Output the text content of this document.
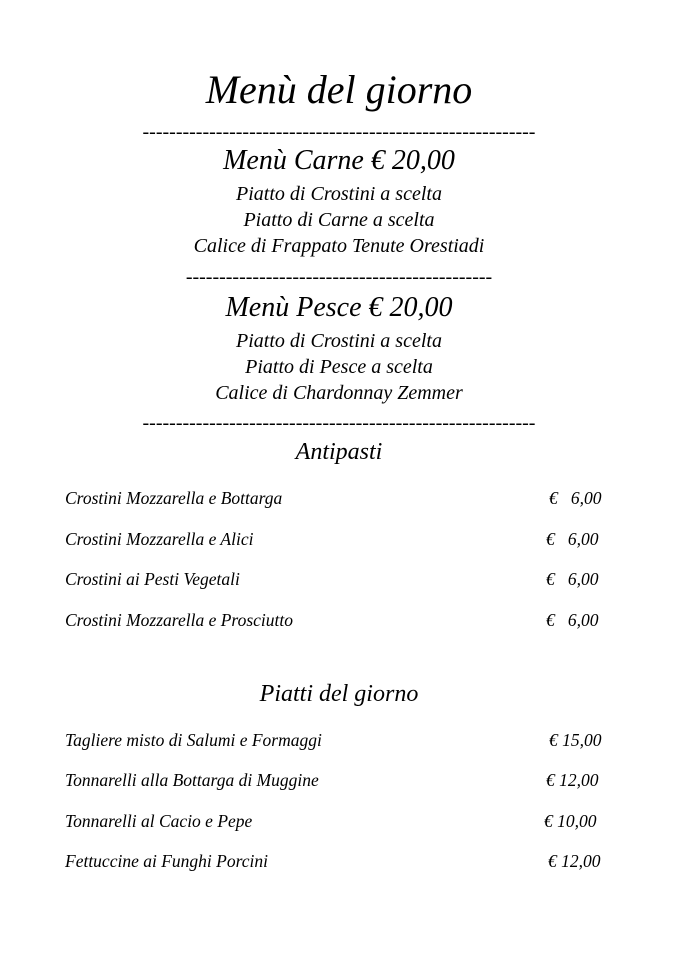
Menù del giorno
-----------------------------------------------------------
Menù Carne € 20,00
Piatto di Crostini a scelta
Piatto di Carne a scelta
Calice di Frappato Tenute Orestiadi
----------------------------------------------
Menù Pesce € 20,00
Piatto di Crostini a scelta
Piatto di Pesce a scelta
Calice di Chardonnay Zemmer
-----------------------------------------------------------
Antipasti
Crostini Mozzarella e Bottarga	€   6,00
Crostini Mozzarella e Alici	€   6,00
Crostini ai Pesti Vegetali	€   6,00
Crostini Mozzarella e Prosciutto	€   6,00
Piatti del giorno
Tagliere misto di Salumi e Formaggi	€ 15,00
Tonnarelli alla Bottarga di Muggine	€ 12,00
Tonnarelli al Cacio e Pepe	€ 10,00
Fettuccine ai Funghi Porcini	€ 12,00
